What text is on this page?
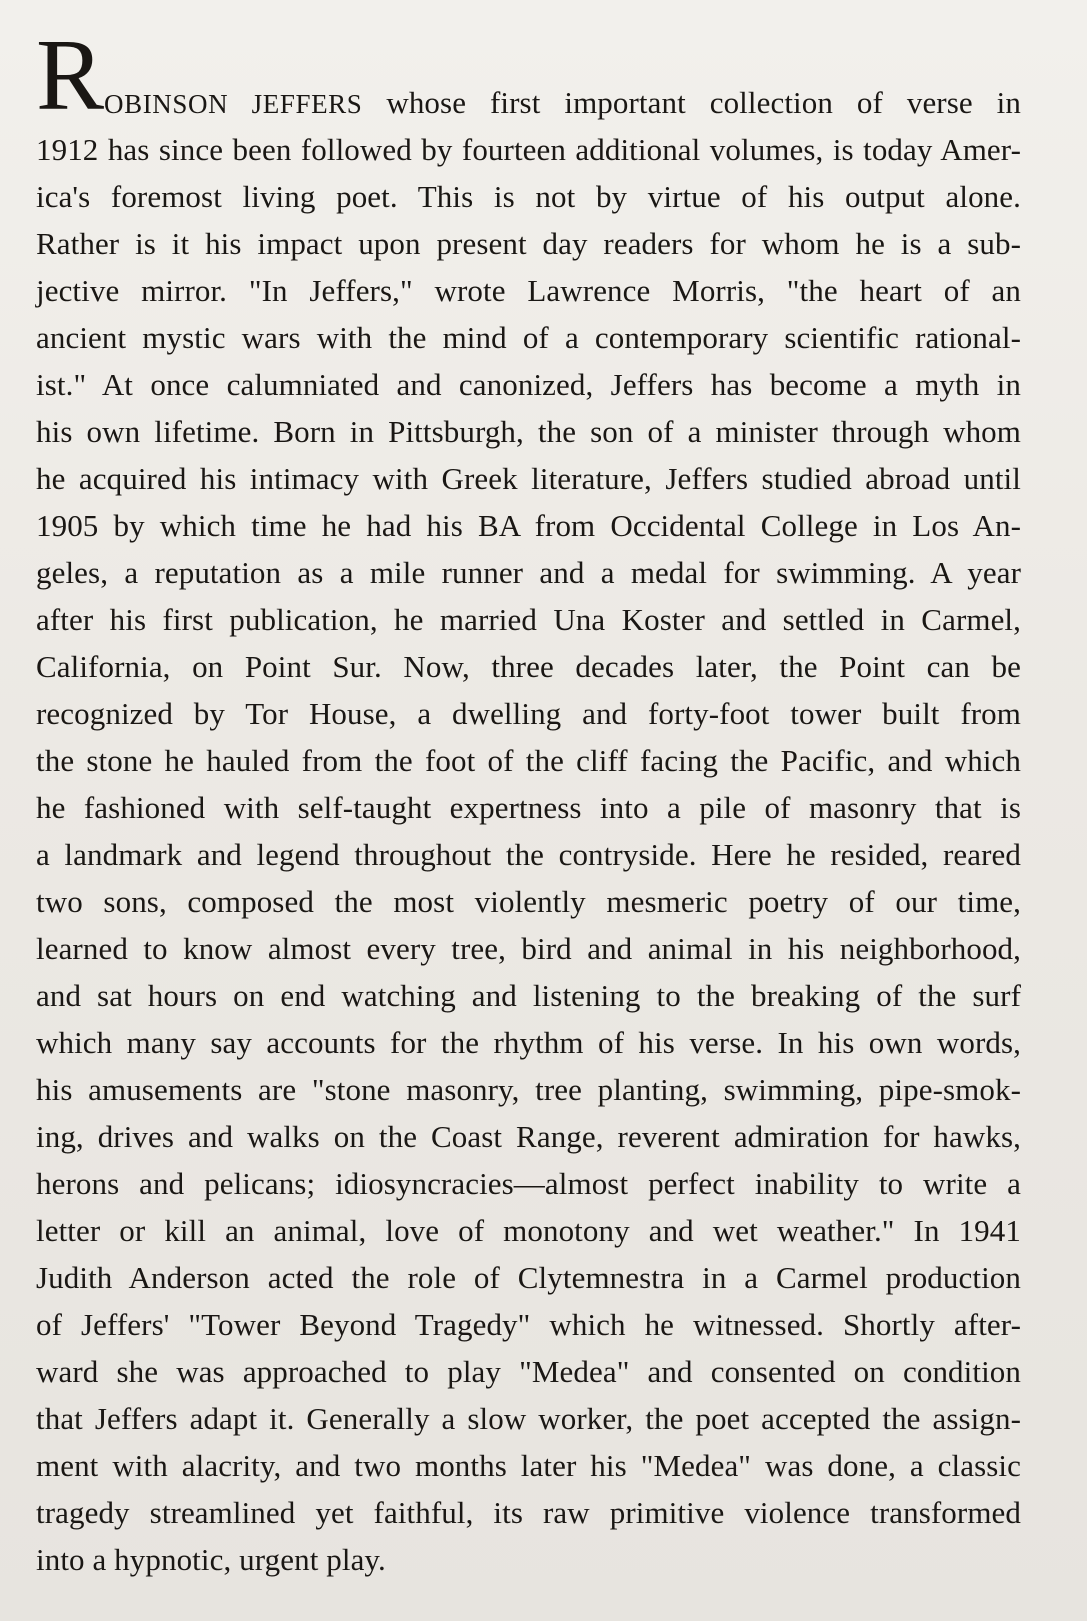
R OBINSON JEFFERS whose first important collection of verse in
1912 has since been followed by fourteen additional volumes, is today Amer-
ica's foremost living poet. This is not by virtue of his output alone.
Rather is it his impact upon present day readers for whom he is a sub-
jective mirror. "In Jeffers," wrote Lawrence Morris, "the heart of an
ancient mystic wars with the mind of a contemporary scientific rational-
ist." At once calumniated and canonized, Jeffers has become a myth in
his own lifetime. Born in Pittsburgh, the son of a minister through whom
he acquired his intimacy with Greek literature, Jeffers studied abroad until
1905 by which time he had his BA from Occidental College in Los An-
geles, a reputation as a mile runner and a medal for swimming. A year
after his first publication, he married Una Koster and settled in Carmel,
California, on Point Sur. Now, three decades later, the Point can be
recognized by Tor House, a dwelling and forty-foot tower built from
the stone he hauled from the foot of the cliff facing the Pacific, and which
he fashioned with self-taught expertness into a pile of masonry that is
a landmark and legend throughout the contryside. Here he resided, reared
two sons, composed the most violently mesmeric poetry of our time,
learned to know almost every tree, bird and animal in his neighborhood,
and sat hours on end watching and listening to the breaking of the surf
which many say accounts for the rhythm of his verse. In his own words,
his amusements are "stone masonry, tree planting, swimming, pipe-smok-
ing, drives and walks on the Coast Range, reverent admiration for hawks,
herons and pelicans; idiosyncracies—almost perfect inability to write a
letter or kill an animal, love of monotony and wet weather." In 1941
Judith Anderson acted the role of Clytemnestra in a Carmel production
of Jeffers' "Tower Beyond Tragedy" which he witnessed. Shortly after-
ward she was approached to play "Medea" and consented on condition
that Jeffers adapt it. Generally a slow worker, the poet accepted the assign-
ment with alacrity, and two months later his "Medea" was done, a classic
tragedy streamlined yet faithful, its raw primitive violence transformed
into a hypnotic, urgent play.
